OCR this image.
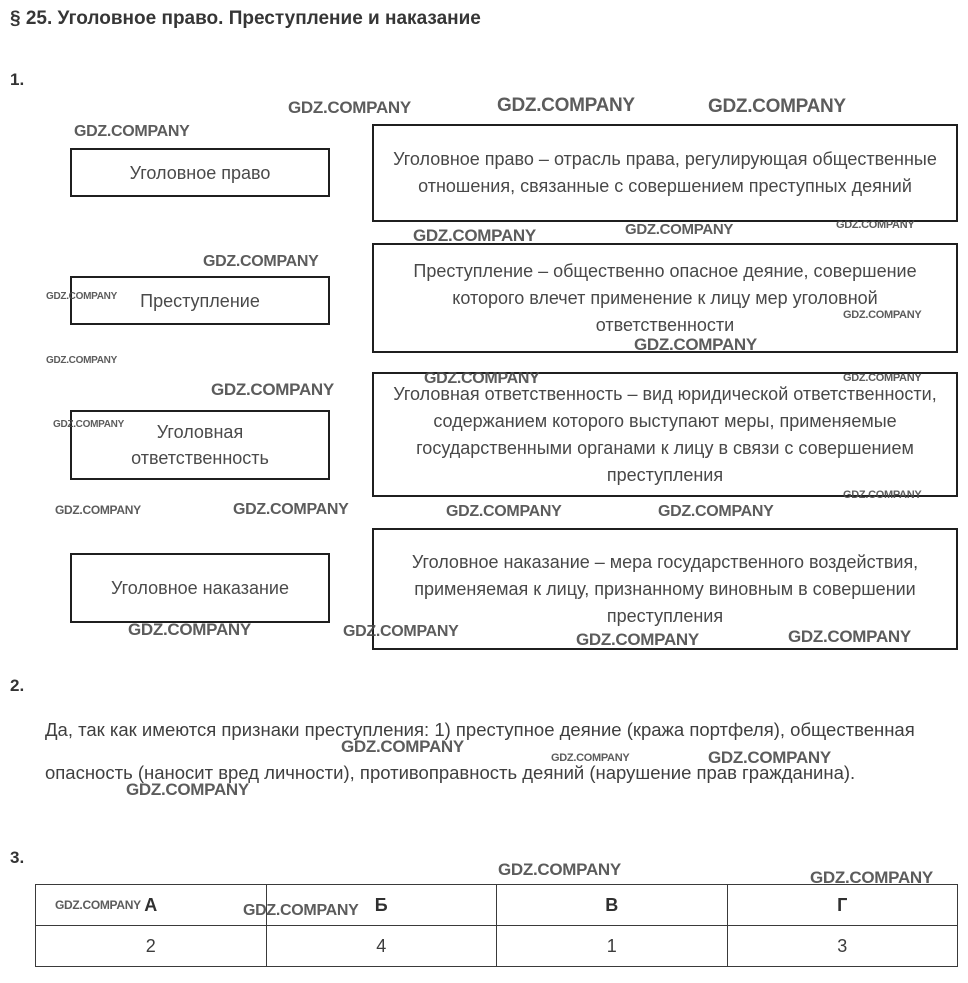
§ 25. Уголовное право. Преступление и наказание
1.
Уголовное право
Уголовное право – отрасль права, регулирующая общественные отношения, связанные с совершением преступных деяний
Преступление
Преступление – общественно опасное деяние, совершение которого влечет применение к лицу мер уголовной ответственности
Уголовная ответственность
Уголовная ответственность – вид юридической ответственности, содержанием которого выступают меры, применяемые государственными органами к лицу в связи с совершением преступления
Уголовное наказание
Уголовное наказание – мера государственного воздействия, применяемая к лицу, признанному виновным в совершении преступления
2.
Да, так как имеются признаки преступления: 1) преступное деяние (кража портфеля), общественная опасность (наносит вред личности), противоправность деяний (нарушение прав гражданина).
3.
А	Б	В	Г
2	4	1	3
GDZ.COMPANY	GDZ.COMPANY	GDZ.COMPANY
GDZ.COMPANY
GDZ.COMPANY	GDZ.COMPANY	GDZ.COMPANY
GDZ.COMPANY
GDZ.COMPANY
GDZ.COMPANY
GDZ.COMPANY
GDZ.COMPANY
GDZ.COMPANY	GDZ.COMPANY
GDZ.COMPANY
GDZ.COMPANY
GDZ.COMPANY
GDZ.COMPANY	GDZ.COMPANY	GDZ.COMPANY	GDZ.COMPANY
GDZ.COMPANY	GDZ.COMPANY	GDZ.COMPANY	GDZ.COMPANY
GDZ.COMPANY
GDZ.COMPANY	GDZ.COMPANY
GDZ.COMPANY
GDZ.COMPANY	GDZ.COMPANY
GDZ.COMPANY	GDZ.COMPANY
